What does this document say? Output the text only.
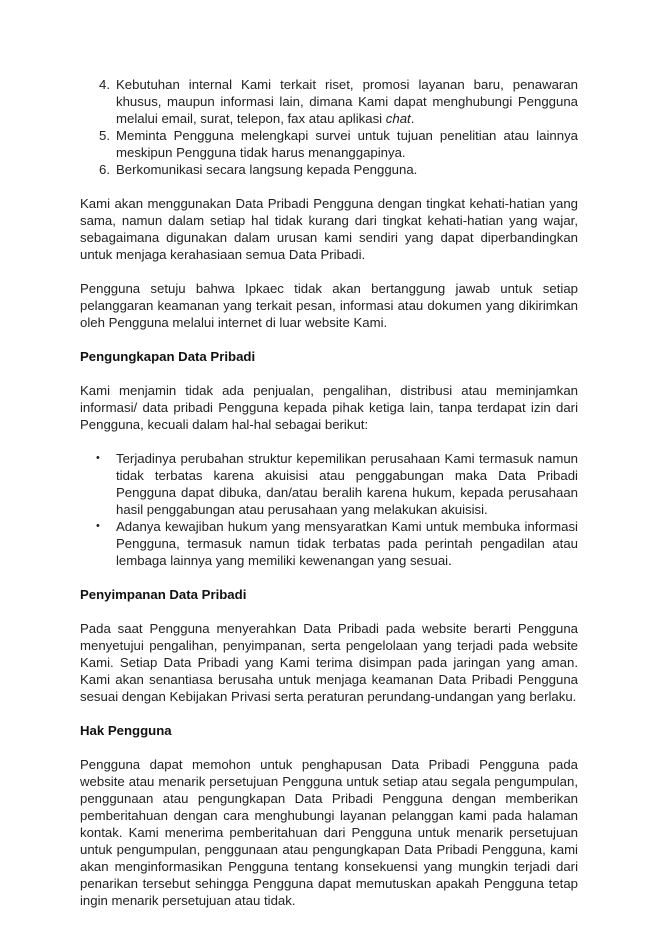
4. Kebutuhan internal Kami terkait riset, promosi layanan baru, penawaran khusus, maupun informasi lain, dimana Kami dapat menghubungi Pengguna melalui email, surat, telepon, fax atau aplikasi chat.
5. Meminta Pengguna melengkapi survei untuk tujuan penelitian atau lainnya meskipun Pengguna tidak harus menanggapinya.
6. Berkomunikasi secara langsung kepada Pengguna.

Kami akan menggunakan Data Pribadi Pengguna dengan tingkat kehati-hatian yang sama, namun dalam setiap hal tidak kurang dari tingkat kehati-hatian yang wajar, sebagaimana digunakan dalam urusan kami sendiri yang dapat diperbandingkan untuk menjaga kerahasiaan semua Data Pribadi.

Pengguna setuju bahwa Ipkaec tidak akan bertanggung jawab untuk setiap pelanggaran keamanan yang terkait pesan, informasi atau dokumen yang dikirimkan oleh Pengguna melalui internet di luar website Kami.

Pengungkapan Data Pribadi

Kami menjamin tidak ada penjualan, pengalihan, distribusi atau meminjamkan informasi/ data pribadi Pengguna kepada pihak ketiga lain, tanpa terdapat izin dari Pengguna, kecuali dalam hal-hal sebagai berikut:

•	Terjadinya perubahan struktur kepemilikan perusahaan Kami termasuk namun tidak terbatas karena akuisisi atau penggabungan maka Data Pribadi Pengguna dapat dibuka, dan/atau beralih karena hukum, kepada perusahaan hasil penggabungan atau perusahaan yang melakukan akuisisi.
•	Adanya kewajiban hukum yang mensyaratkan Kami untuk membuka informasi Pengguna, termasuk namun tidak terbatas pada perintah pengadilan atau lembaga lainnya yang memiliki kewenangan yang sesuai.
Penyimpanan Data Pribadi

Pada saat Pengguna menyerahkan Data Pribadi pada website berarti Pengguna menyetujui pengalihan, penyimpanan, serta pengelolaan yang terjadi pada website Kami. Setiap Data Pribadi yang Kami terima disimpan pada jaringan yang aman. Kami akan senantiasa berusaha untuk menjaga keamanan Data Pribadi Pengguna sesuai dengan Kebijakan Privasi serta peraturan perundang-undangan yang berlaku.

Hak Pengguna

Pengguna dapat memohon untuk penghapusan Data Pribadi Pengguna pada website atau menarik persetujuan Pengguna untuk setiap atau segala pengumpulan, penggunaan atau pengungkapan Data Pribadi Pengguna dengan memberikan pemberitahuan dengan cara menghubungi layanan pelanggan kami pada halaman kontak. Kami menerima pemberitahuan dari Pengguna untuk menarik persetujuan untuk pengumpulan, penggunaan atau pengungkapan Data Pribadi Pengguna, kami akan menginformasikan Pengguna tentang konsekuensi yang mungkin terjadi dari penarikan tersebut sehingga Pengguna dapat memutuskan apakah Pengguna tetap ingin menarik persetujuan atau tidak.
